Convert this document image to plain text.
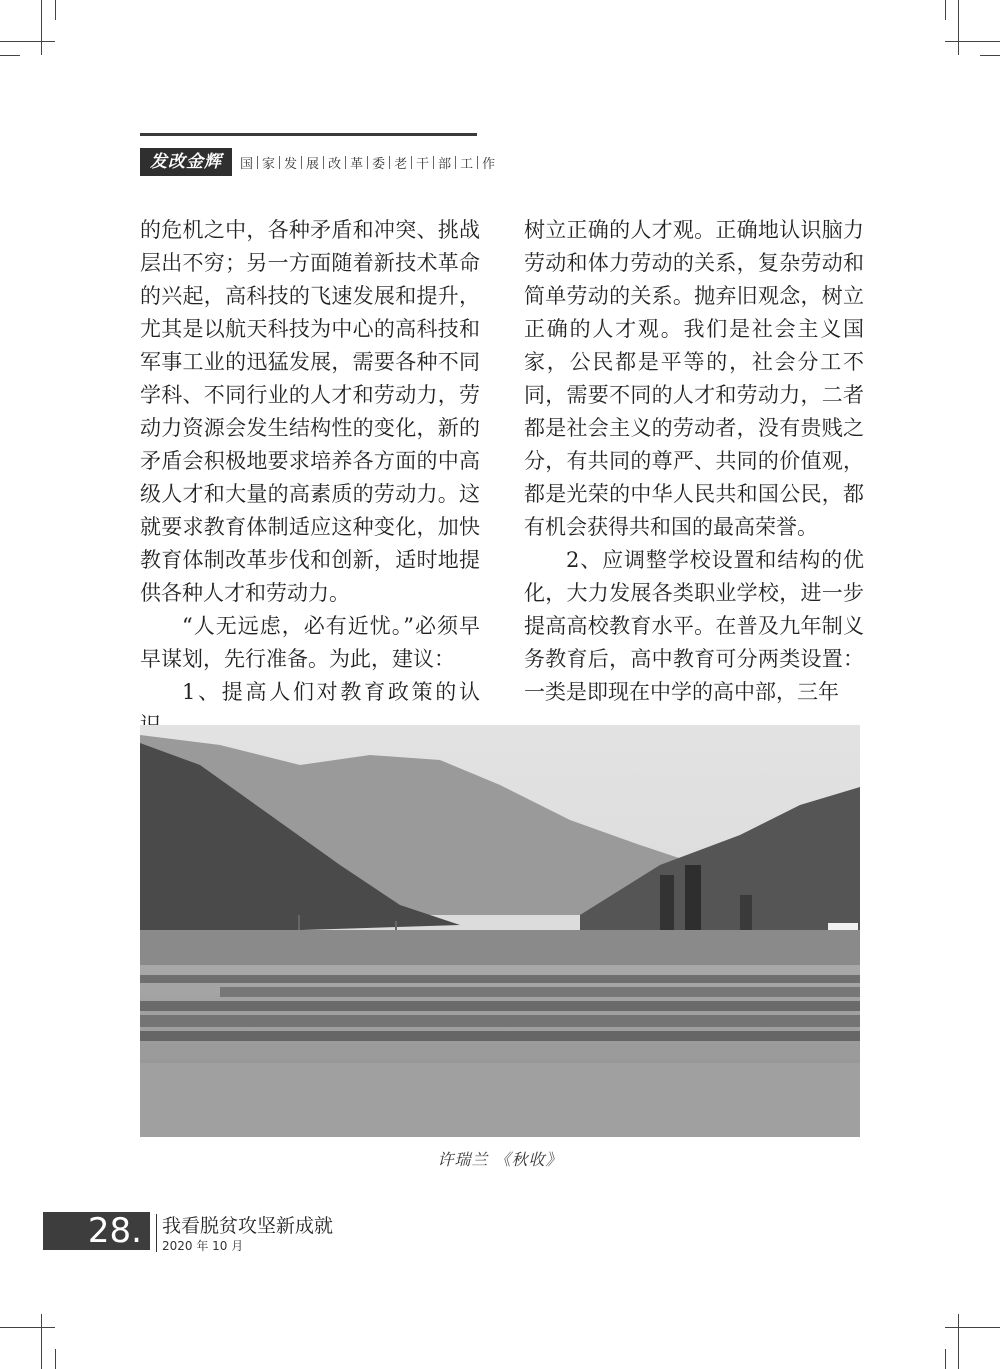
发改金辉	国 家 发 展 改 革 委 老 干 部 工 作

的危机之中，各种矛盾和冲突、挑战层出不穷；另一方面随着新技术革命的兴起，高科技的飞速发展和提升，尤其是以航天科技为中心的高科技和军事工业的迅猛发展，需要各种不同学科、不同行业的人才和劳动力，劳动力资源会发生结构性的变化，新的矛盾会积极地要求培养各方面的中高级人才和大量的高素质的劳动力。这就要求教育体制适应这种变化，加快教育体制改革步伐和创新，适时地提供各种人才和劳动力。

“人无远虑，必有近忧。”必须早早谋划，先行准备。为此，建议：

1、提高人们对教育政策的认

树立正确的人才观。正确地认识脑力劳动和体力劳动的关系，复杂劳动和简单劳动的关系。抛弃旧观念，树立正确的人才观。我们是社会主义国家，公民都是平等的，社会分工不同，需要不同的人才和劳动力，二者都是社会主义的劳动者，没有贵贱之分，有共同的尊严、共同的价值观，都是光荣的中华人民共和国公民，都有机会获得共和国的最高荣誉。

2、应调整学校设置和结构的优化，大力发展各类职业学校，进一步提高高校教育水平。在普及九年制义务教育后，高中教育可分两类设置：一类是即现在中学的高中部，三年

许瑞兰 《秋收》
28.	我看脱贫攻坚新成就
2020 年 10 月
